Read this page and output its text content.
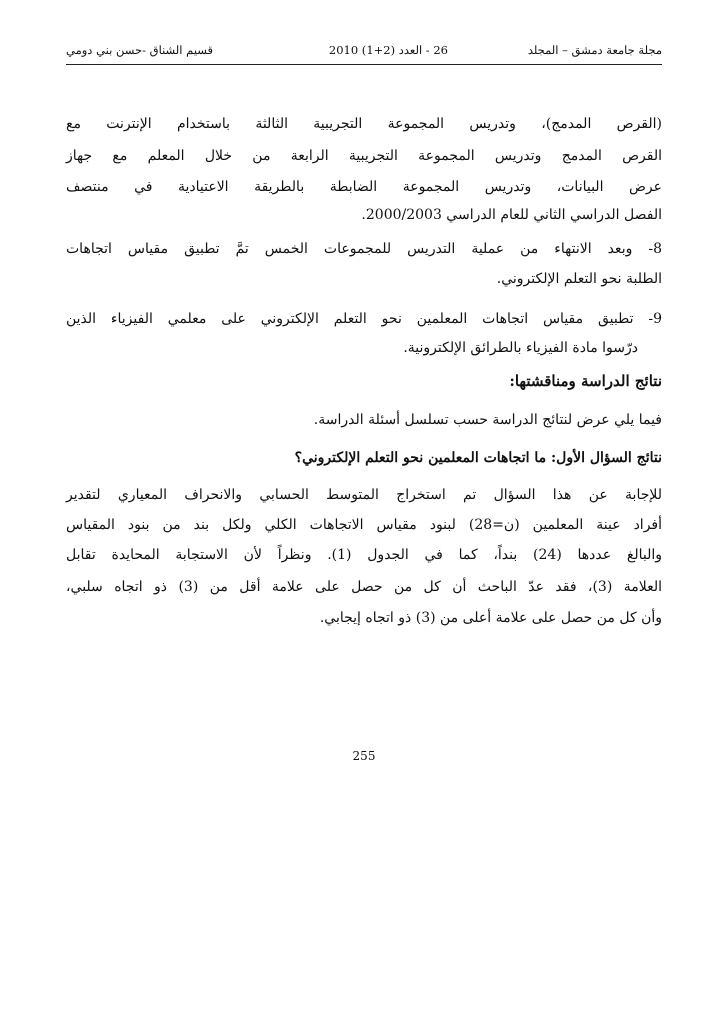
مجلة جامعة دمشق – المجلد
26 - العدد (2+1) 2010
قسيم الشناق -حسن بني دومي
(القرص المدمج)، وتدريس المجموعة التجريبية الثالثة باستخدام الإنترنت مع
القرص المدمج وتدريس المجموعة التجريبية الرابعة من خلال المعلم مع جهاز
عرض البيانات، وتدريس المجموعة الضابطة بالطريقة الاعتيادية في منتصف
الفصل الدراسي الثاني للعام الدراسي 2000/2003.
8- وبعد الانتهاء من عملية التدريس للمجموعات الخمس تمَّ تطبيق مقياس اتجاهات
الطلبة نحو التعلم الإلكتروني.
9- تطبيق مقياس اتجاهات المعلمين نحو التعلم الإلكتروني على معلمي الفيزياء الذين
درّسوا مادة الفيزياء بالطرائق الإلكترونية.
نتائج الدراسة ومناقشتها:
فيما يلي عرض لنتائج الدراسة حسب تسلسل أسئلة الدراسة.
نتائج السؤال الأول: ما اتجاهات المعلمين نحو التعلم الإلكتروني؟
للإجابة عن هذا السؤال تم استخراج المتوسط الحسابي والانحراف المعياري لتقدير
أفراد عينة المعلمين (ن=28) لبنود مقياس الاتجاهات الكلي ولكل بند من بنود المقياس
والبالغ عددها (24) بنداً، كما في الجدول (1). ونظراً لأن الاستجابة المحايدة تقابل
العلامة (3)، فقد عدّ الباحث أن كل من حصل على علامة أقل من (3) ذو اتجاه سلبي،
وأن كل من حصل على علامة أعلى من (3) ذو اتجاه إيجابي.
255
